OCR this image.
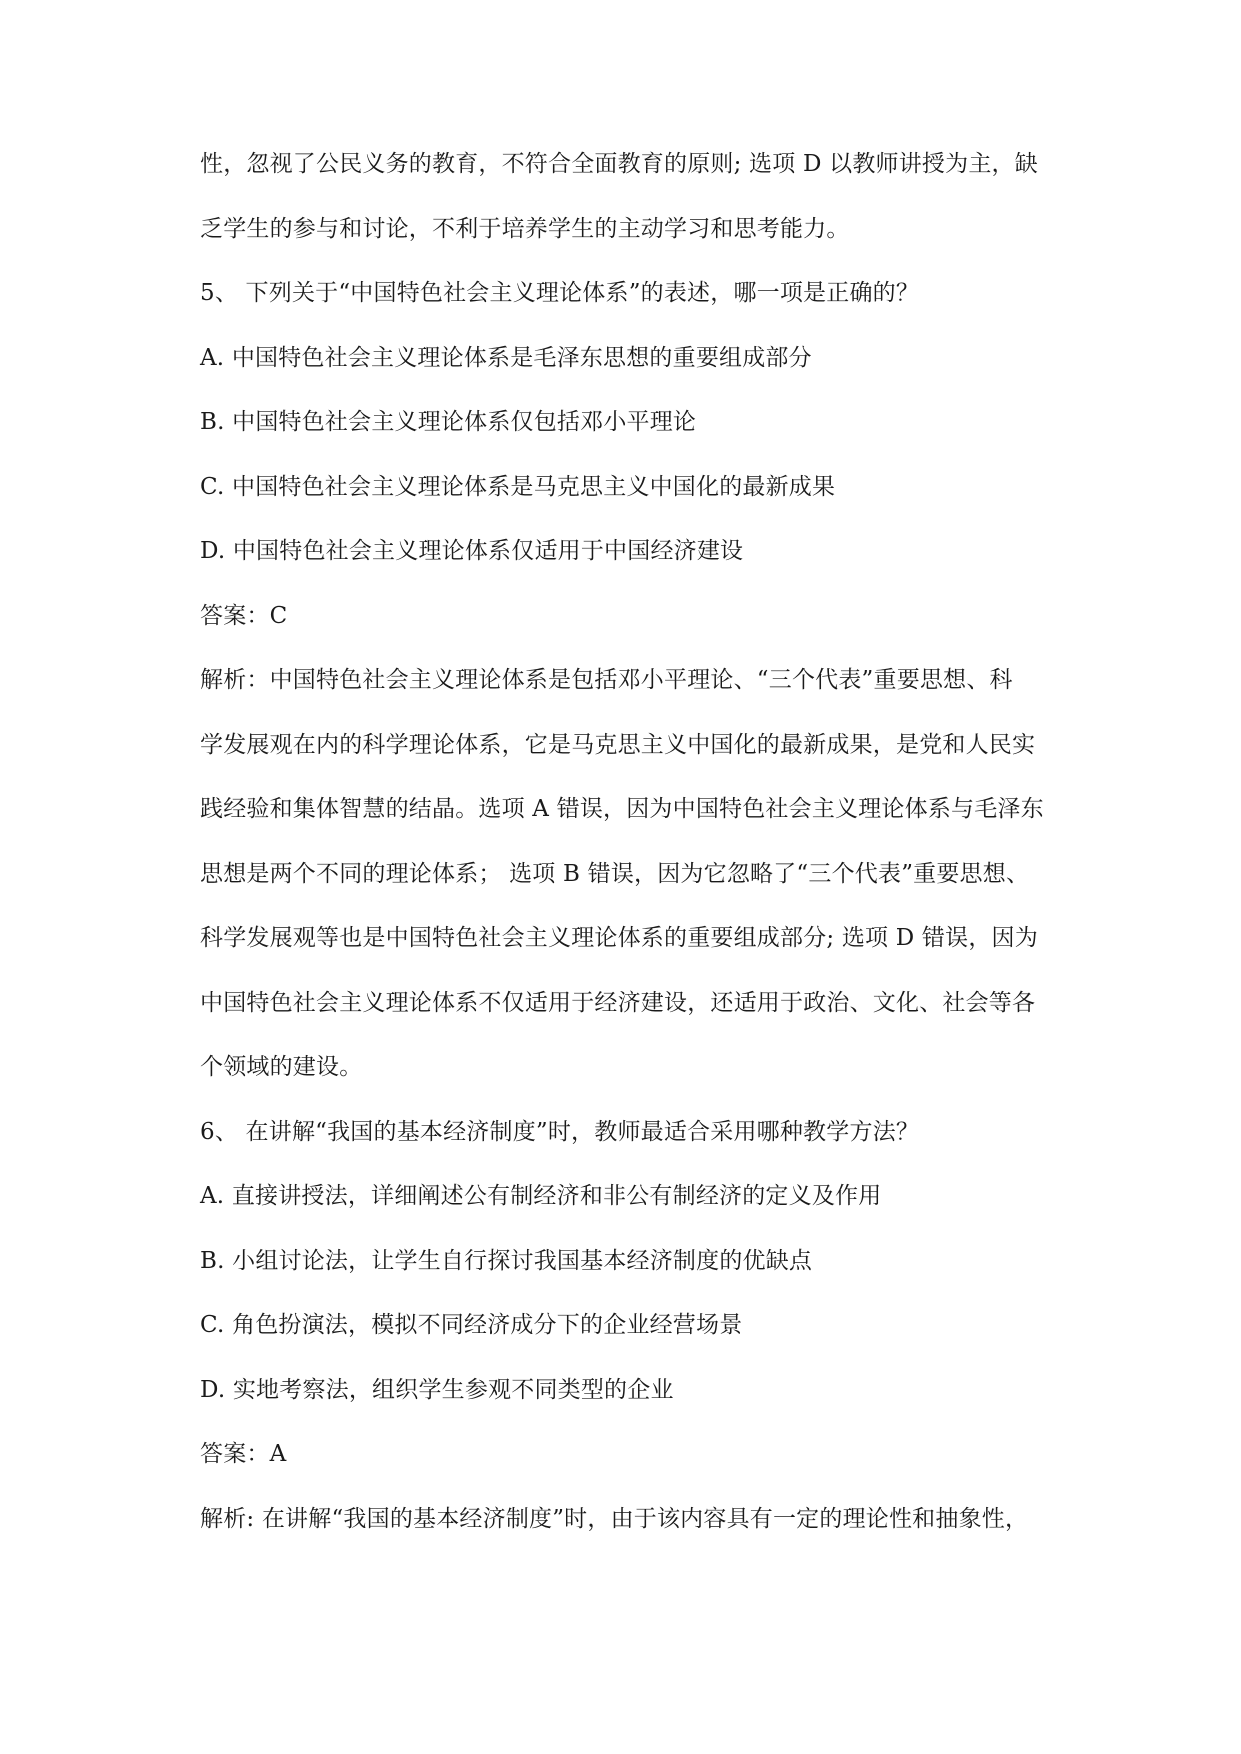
性，忽视了公民义务的教育，不符合全面教育的原则; 选项 D 以教师讲授为主，缺
乏学生的参与和讨论，不利于培养学生的主动学习和思考能力。
5、 下列关于“中国特色社会主义理论体系”的表述，哪一项是正确的？
A. 中国特色社会主义理论体系是毛泽东思想的重要组成部分
B. 中国特色社会主义理论体系仅包括邓小平理论
C. 中国特色社会主义理论体系是马克思主义中国化的最新成果
D. 中国特色社会主义理论体系仅适用于中国经济建设
答案：C
解析：中国特色社会主义理论体系是包括邓小平理论、“三个代表”重要思想、科
学发展观在内的科学理论体系，它是马克思主义中国化的最新成果，是党和人民实
践经验和集体智慧的结晶。选项 A 错误，因为中国特色社会主义理论体系与毛泽东
思想是两个不同的理论体系； 选项 B 错误，因为它忽略了“三个代表”重要思想、
科学发展观等也是中国特色社会主义理论体系的重要组成部分; 选项 D 错误，因为
中国特色社会主义理论体系不仅适用于经济建设，还适用于政治、文化、社会等各
个领域的建设。
6、 在讲解“我国的基本经济制度”时，教师最适合采用哪种教学方法？
A. 直接讲授法，详细阐述公有制经济和非公有制经济的定义及作用
B. 小组讨论法，让学生自行探讨我国基本经济制度的优缺点
C. 角色扮演法，模拟不同经济成分下的企业经营场景
D. 实地考察法，组织学生参观不同类型的企业
答案：A
解析: 在讲解“我国的基本经济制度”时，由于该内容具有一定的理论性和抽象性，
